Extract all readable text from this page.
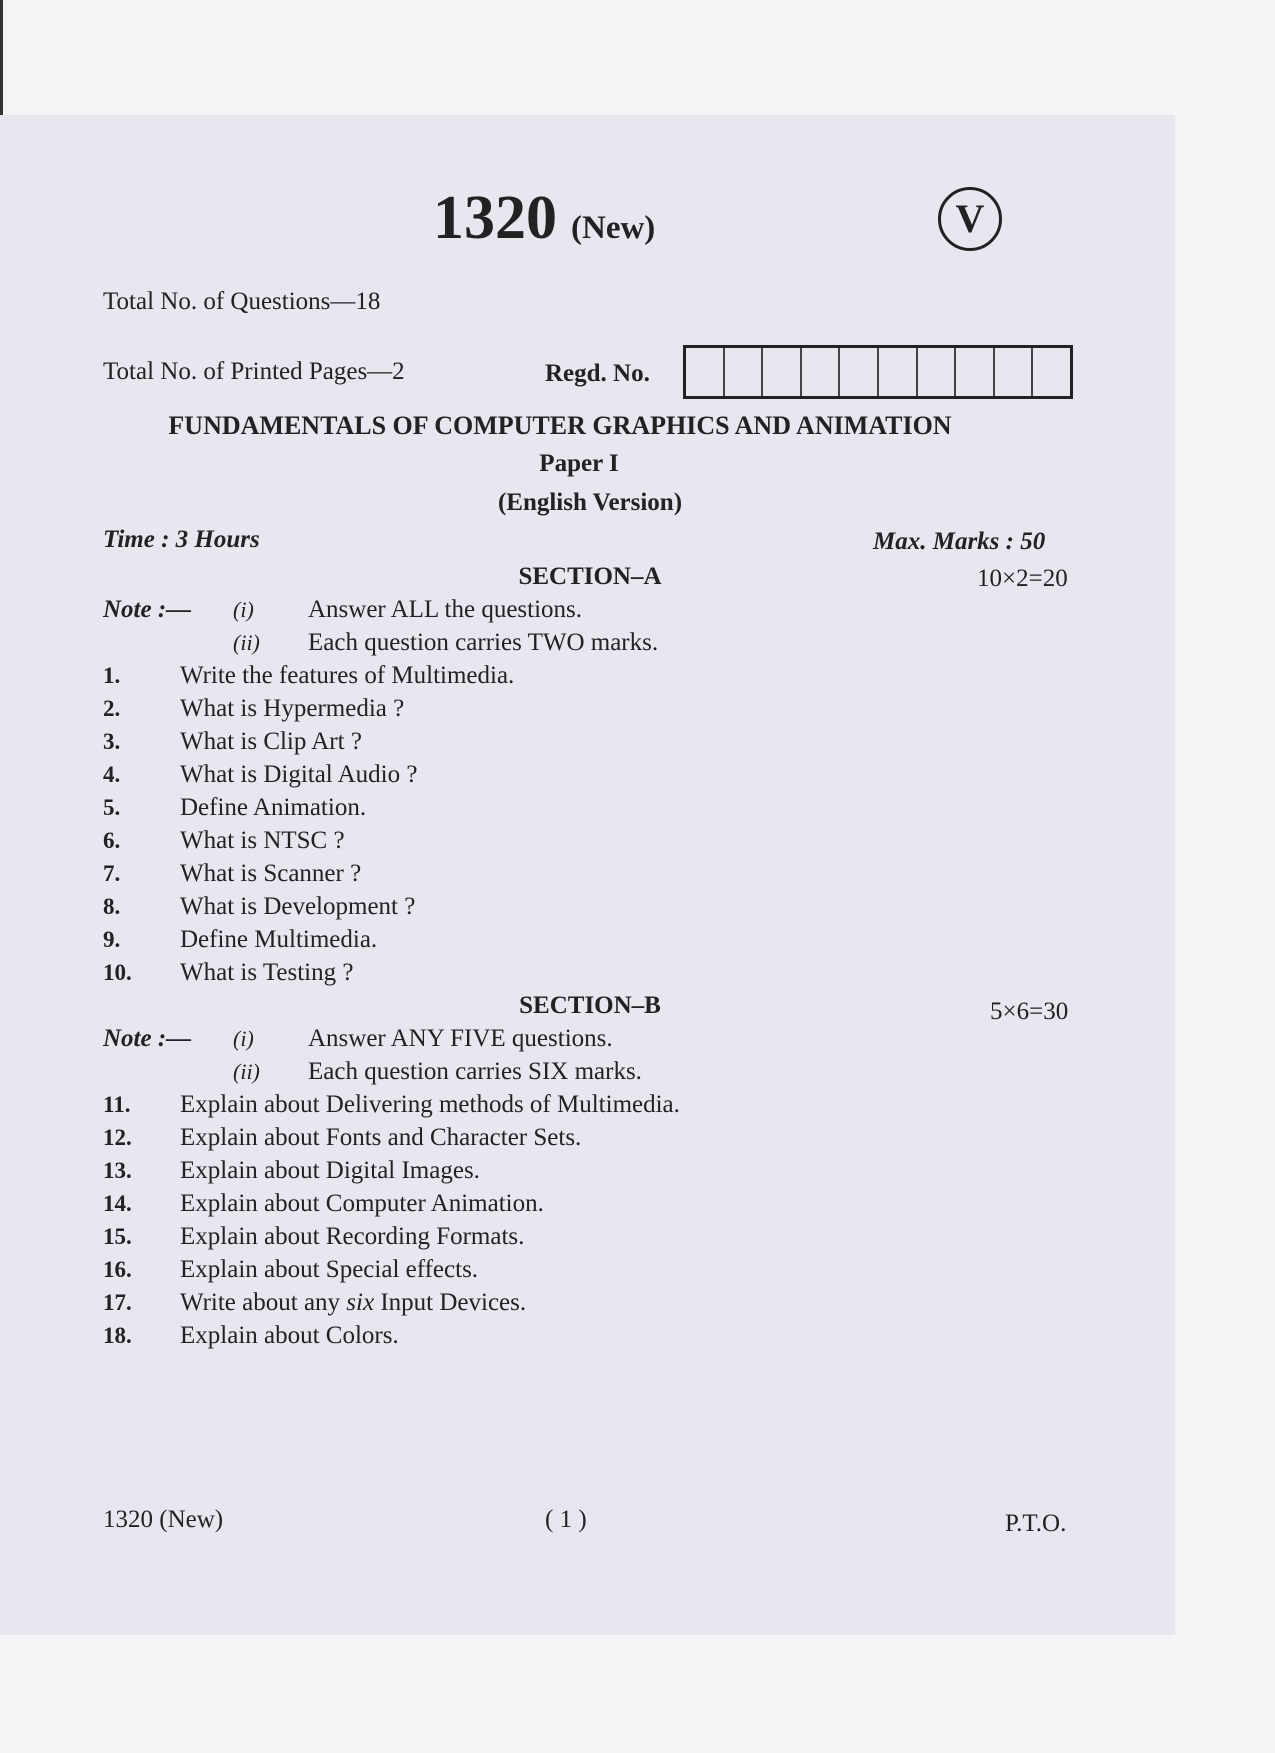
1320 (New)	V
Total No. of Questions—18
Total No. of Printed Pages—2	Regd. No.
FUNDAMENTALS OF COMPUTER GRAPHICS AND ANIMATION
Paper I
(English Version)
Time : 3 Hours	Max. Marks : 50
SECTION–A	10×2=20
Note :— (i) Answer ALL the questions.
(ii) Each question carries TWO marks.
1. Write the features of Multimedia.
2. What is Hypermedia ?
3. What is Clip Art ?
4. What is Digital Audio ?
5. Define Animation.
6. What is NTSC ?
7. What is Scanner ?
8. What is Development ?
9. Define Multimedia.
10. What is Testing ?
SECTION–B	5×6=30
Note :— (i) Answer ANY FIVE questions.
(ii) Each question carries SIX marks.
11. Explain about Delivering methods of Multimedia.
12. Explain about Fonts and Character Sets.
13. Explain about Digital Images.
14. Explain about Computer Animation.
15. Explain about Recording Formats.
16. Explain about Special effects.
17. Write about any six Input Devices.
18. Explain about Colors.
1320 (New)	( 1 )	P.T.O.
